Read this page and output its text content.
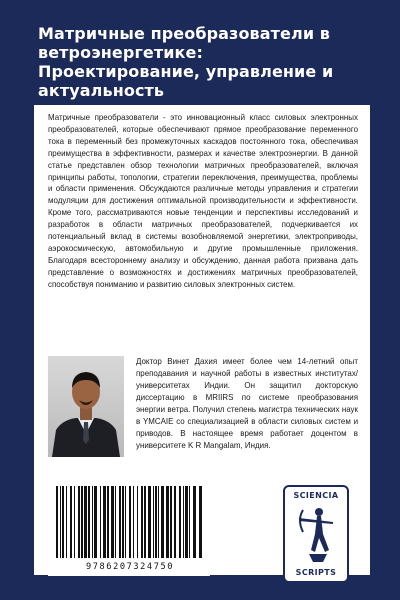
Матричные преобразователи в ветроэнергетике: Проектирование, управление и актуальность
Матричные преобразователи - это инновационный класс силовых электронных преобразователей, которые обеспечивают прямое преобразование переменного тока в переменный без промежуточных каскадов постоянного тока, обеспечивая преимущества в эффективности, размерах и качестве электроэнергии. В данной статье представлен обзор технологии матричных преобразователей, включая принципы работы, топологии, стратегии переключения, преимущества, проблемы и области применения. Обсуждаются различные методы управления и стратегии модуляции для достижения оптимальной производительности и эффективности. Кроме того, рассматриваются новые тенденции и перспективы исследований и разработок в области матричных преобразователей, подчеркивается их потенциальный вклад в системы возобновляемой энергетики, электроприводы, аэрокосмическую, автомобильную и другие промышленные приложения. Благодаря всестороннему анализу и обсуждению, данная работа призвана дать представление о возможностях и достижениях матричных преобразователей, способствуя пониманию и развитию силовых электронных систем.
Доктор Винет Дахия имеет более чем 14-летний опыт преподавания и научной работы в известных институтах/университетах Индии. Он защитил докторскую диссертацию в MRIIRS по системе преобразования энергии ветра. Получил степень магистра технических наук в YMCAIE со специализацией в области силовых систем и приводов. В настоящее время работает доцентом в университете K R Mangalam, Индия.
9786207324750
SCIENCIA
SCRIPTS
